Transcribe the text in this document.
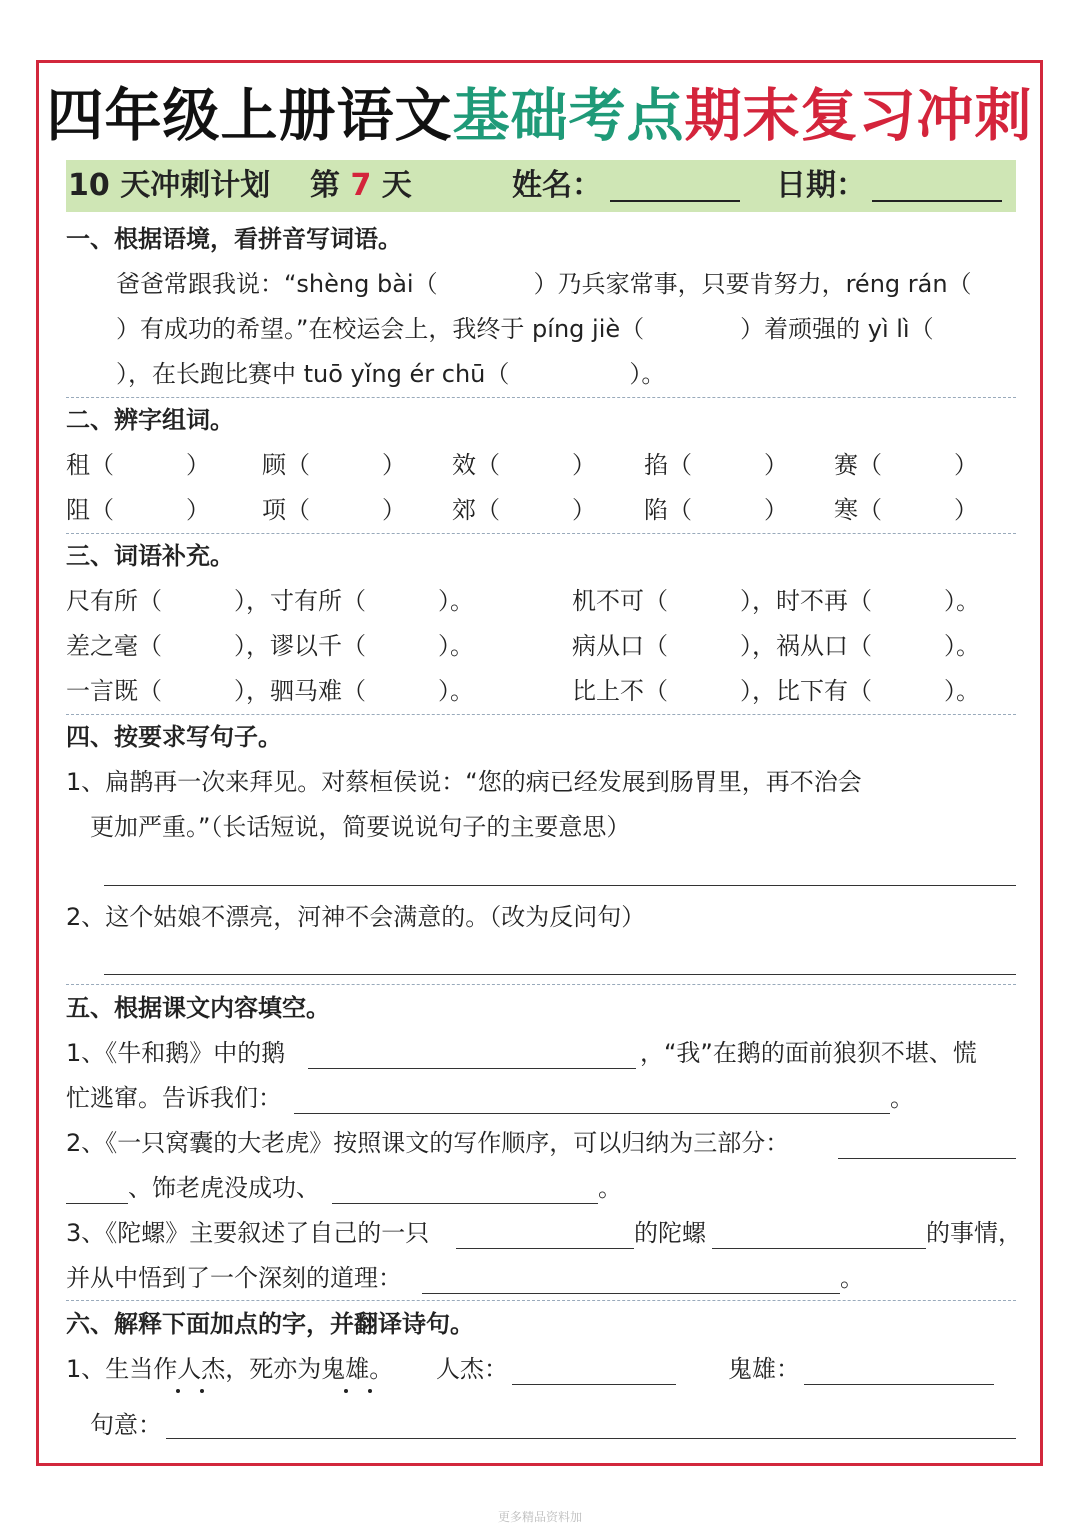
四年级上册语文基础考点期末复习冲刺
10 天冲刺计划 第 7 天	姓名：	日期：
一、根据语境，看拼音写词语。
爸爸常跟我说：“shèng bài（　　　　）乃兵家常事，只要肯努力，réng rán（
）有成功的希望。”在校运会上，我终于 píng jiè（　　　　）着顽强的 yì lì（
），在长跑比赛中 tuō yǐng ér chū（　　　　　）。
二、辨字组词。
租（　　　） 顾（　　　） 效（　　　） 掐（　　　） 赛（　　　）
阻（　　　） 项（　　　） 郊（　　　） 陷（　　　） 寒（　　　）
三、词语补充。
尺有所（　　　），寸有所（　　　）。	机不可（　　　），时不再（　　　）。
差之毫（　　　），谬以千（　　　）。	病从口（　　　），祸从口（　　　）。
一言既（　　　），驷马难（　　　）。	比上不（　　　），比下有（　　　）。
四、按要求写句子。
1、扁鹊再一次来拜见。对蔡桓侯说：“您的病已经发展到肠胃里，再不治会
更加严重。”（长话短说，简要说说句子的主要意思）
2、这个姑娘不漂亮，河神不会满意的。（改为反问句）
五、根据课文内容填空。
1、《牛和鹅》中的鹅	，“我”在鹅的面前狼狈不堪、慌
忙逃窜。告诉我们：	。
2、《一只窝囊的大老虎》按照课文的写作顺序，可以归纳为三部分：
、饰老虎没成功、	。
3、《陀螺》主要叙述了自己的一只	的陀螺	的事情，
并从中悟到了一个深刻的道理：	。
六、解释下面加点的字，并翻译诗句。
1、生当作人杰，死亦为鬼雄。 人杰：	鬼雄：
句意：
更多精品资料加
